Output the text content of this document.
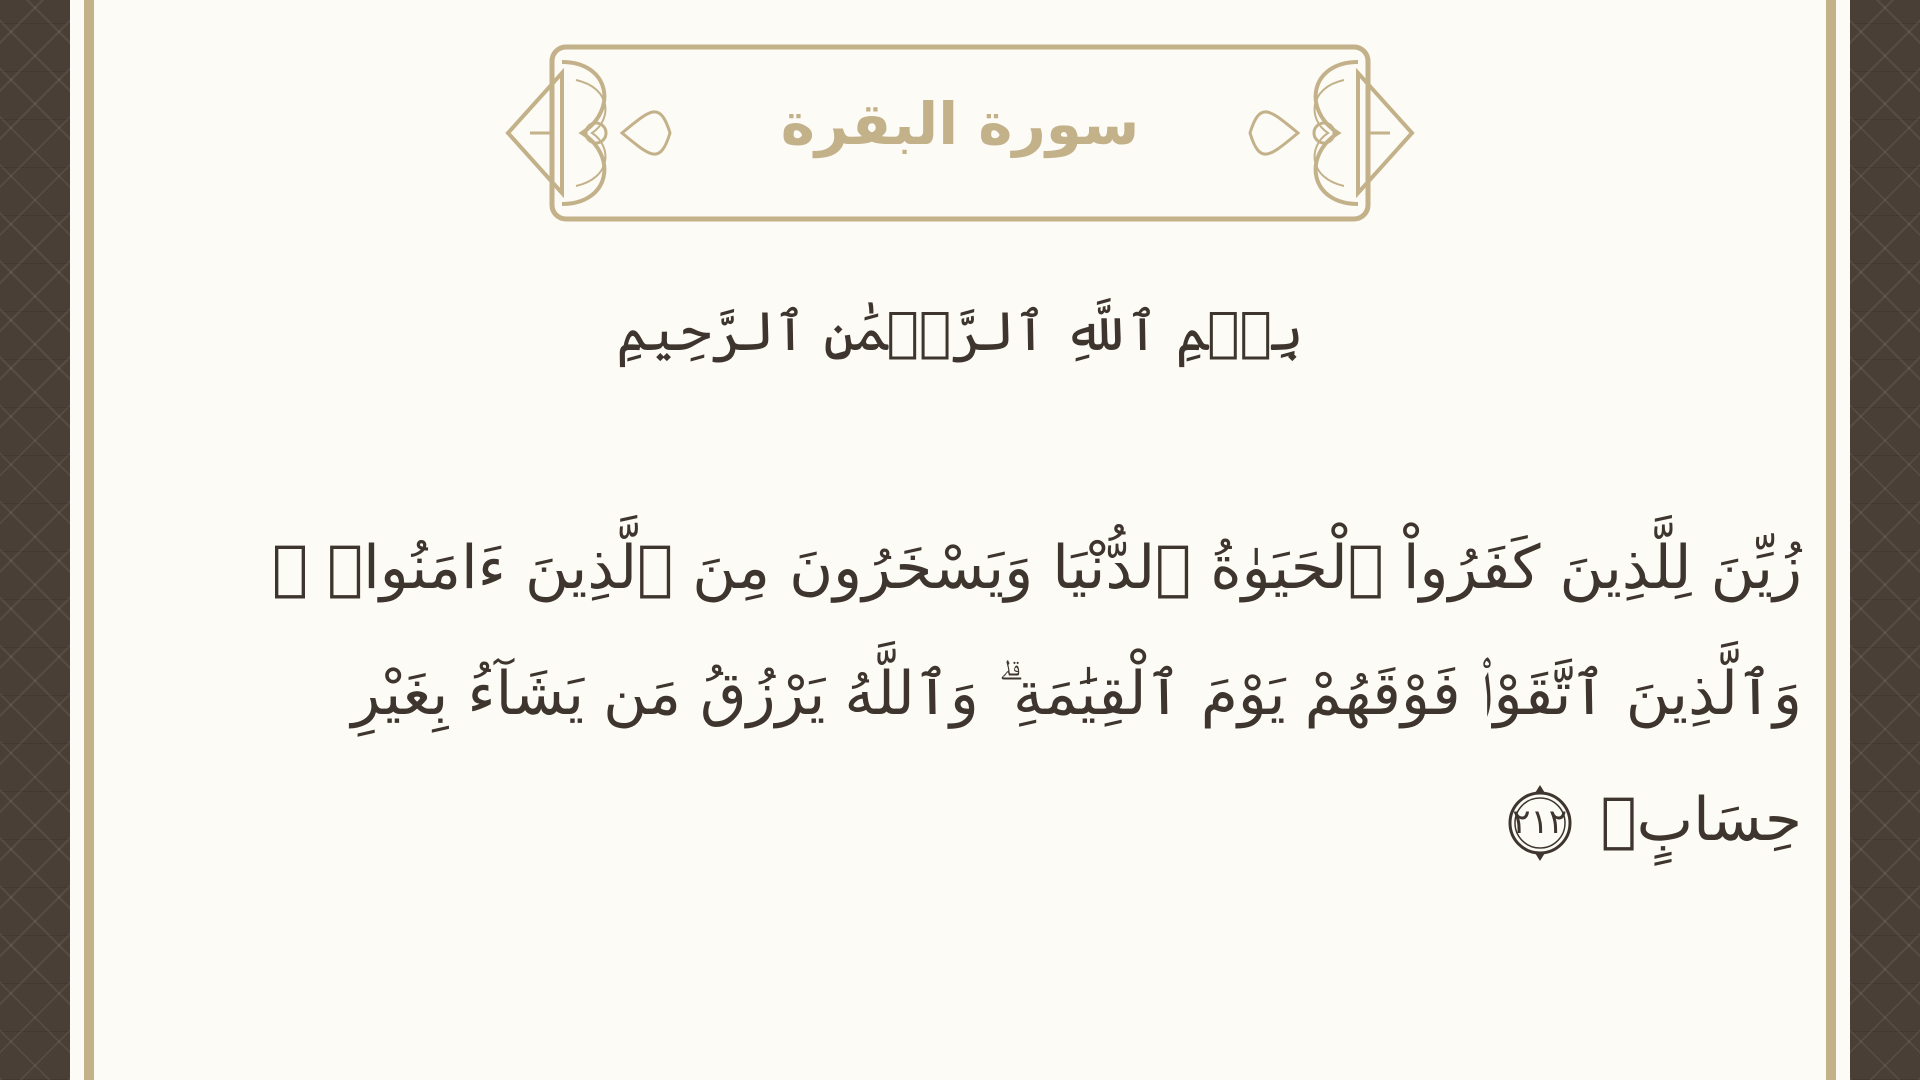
سورة البقرة
بِسۡمِ ٱللَّهِ ٱلرَّحۡمَٰنِ ٱلرَّحِيمِ
زُيِّنَ لِلَّذِينَ كَفَرُواْ ٱلْحَيَوٰةُ ٱلدُّنْيَا وَيَسْخَرُونَ مِنَ ٱلَّذِينَ ءَامَنُوا۟ ۘ
وَٱلَّذِينَ ٱتَّقَوْا۟ فَوْقَهُمْ يَوْمَ ٱلْقِيَٰمَةِ ۗ وَٱللَّهُ يَرْزُقُ مَن يَشَآءُ بِغَيْرِ
حِسَابٍۢ
٢١٢
